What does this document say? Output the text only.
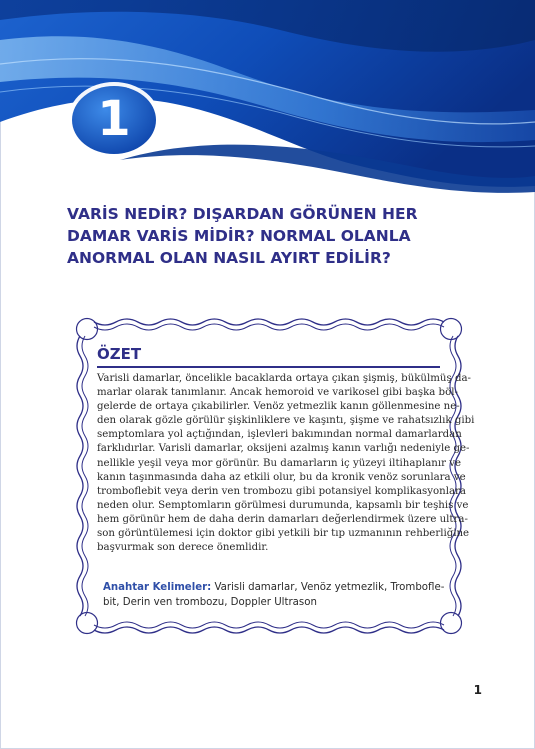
1
VARİS NEDİR? DIŞARDAN GÖRÜNEN HER
DAMAR VARİS MİDİR? NORMAL OLANLA
ANORMAL OLAN NASIL AYIRT EDİLİR?
ÖZET

Varisli damarlar, öncelikle bacaklarda ortaya çıkan şişmiş, bükülmüş da-
marlar olarak tanımlanır. Ancak hemoroid ve varikosel gibi başka böl-
gelerde de ortaya çıkabilirler. Venöz yetmezlik kanın göllenmesine ne-
den olarak gözle görülür şişkinliklere ve kaşıntı, şişme ve rahatsızlık gibi
semptomlara yol açtığından, işlevleri bakımından normal damarlardan
farklıdırlar. Varisli damarlar, oksijeni azalmış kanın varlığı nedeniyle ge-
nellikle yeşil veya mor görünür. Bu damarların iç yüzeyi iltihaplanır ve
kanın taşınmasında daha az etkili olur, bu da kronik venöz sorunlara ve
tromboflebit veya derin ven trombozu gibi potansiyel komplikasyonlara
neden olur. Semptomların görülmesi durumunda, kapsamlı bir teşhis ve
hem görünür hem de daha derin damarları değerlendirmek üzere ultra-
son görüntülemesi için doktor gibi yetkili bir tıp uzmanının rehberliğine
başvurmak son derece önemlidir.

Anahtar Kelimeler: Varisli damarlar, Venöz yetmezlik, Tromboflе-
bit, Derin ven trombozu, Doppler Ultrason

1
